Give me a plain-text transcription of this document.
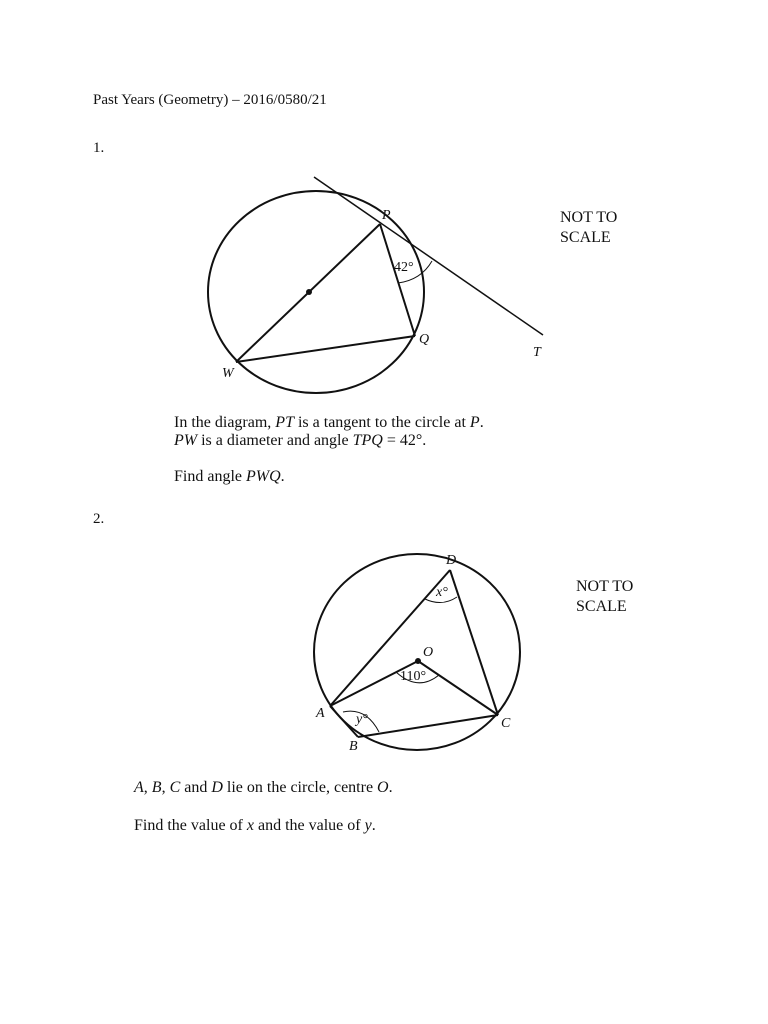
Past Years (Geometry) – 2016/0580/21
1.
P
Q
W
T
42°
NOT TO
SCALE
In the diagram, PT is a tangent to the circle at P.
PW is a diameter and angle TPQ = 42°.
Find angle PWQ.
2.
D
O
A
B
C
x°
110°
y°
NOT TO
SCALE
A, B, C and D lie on the circle, centre O.
Find the value of x and the value of y.
